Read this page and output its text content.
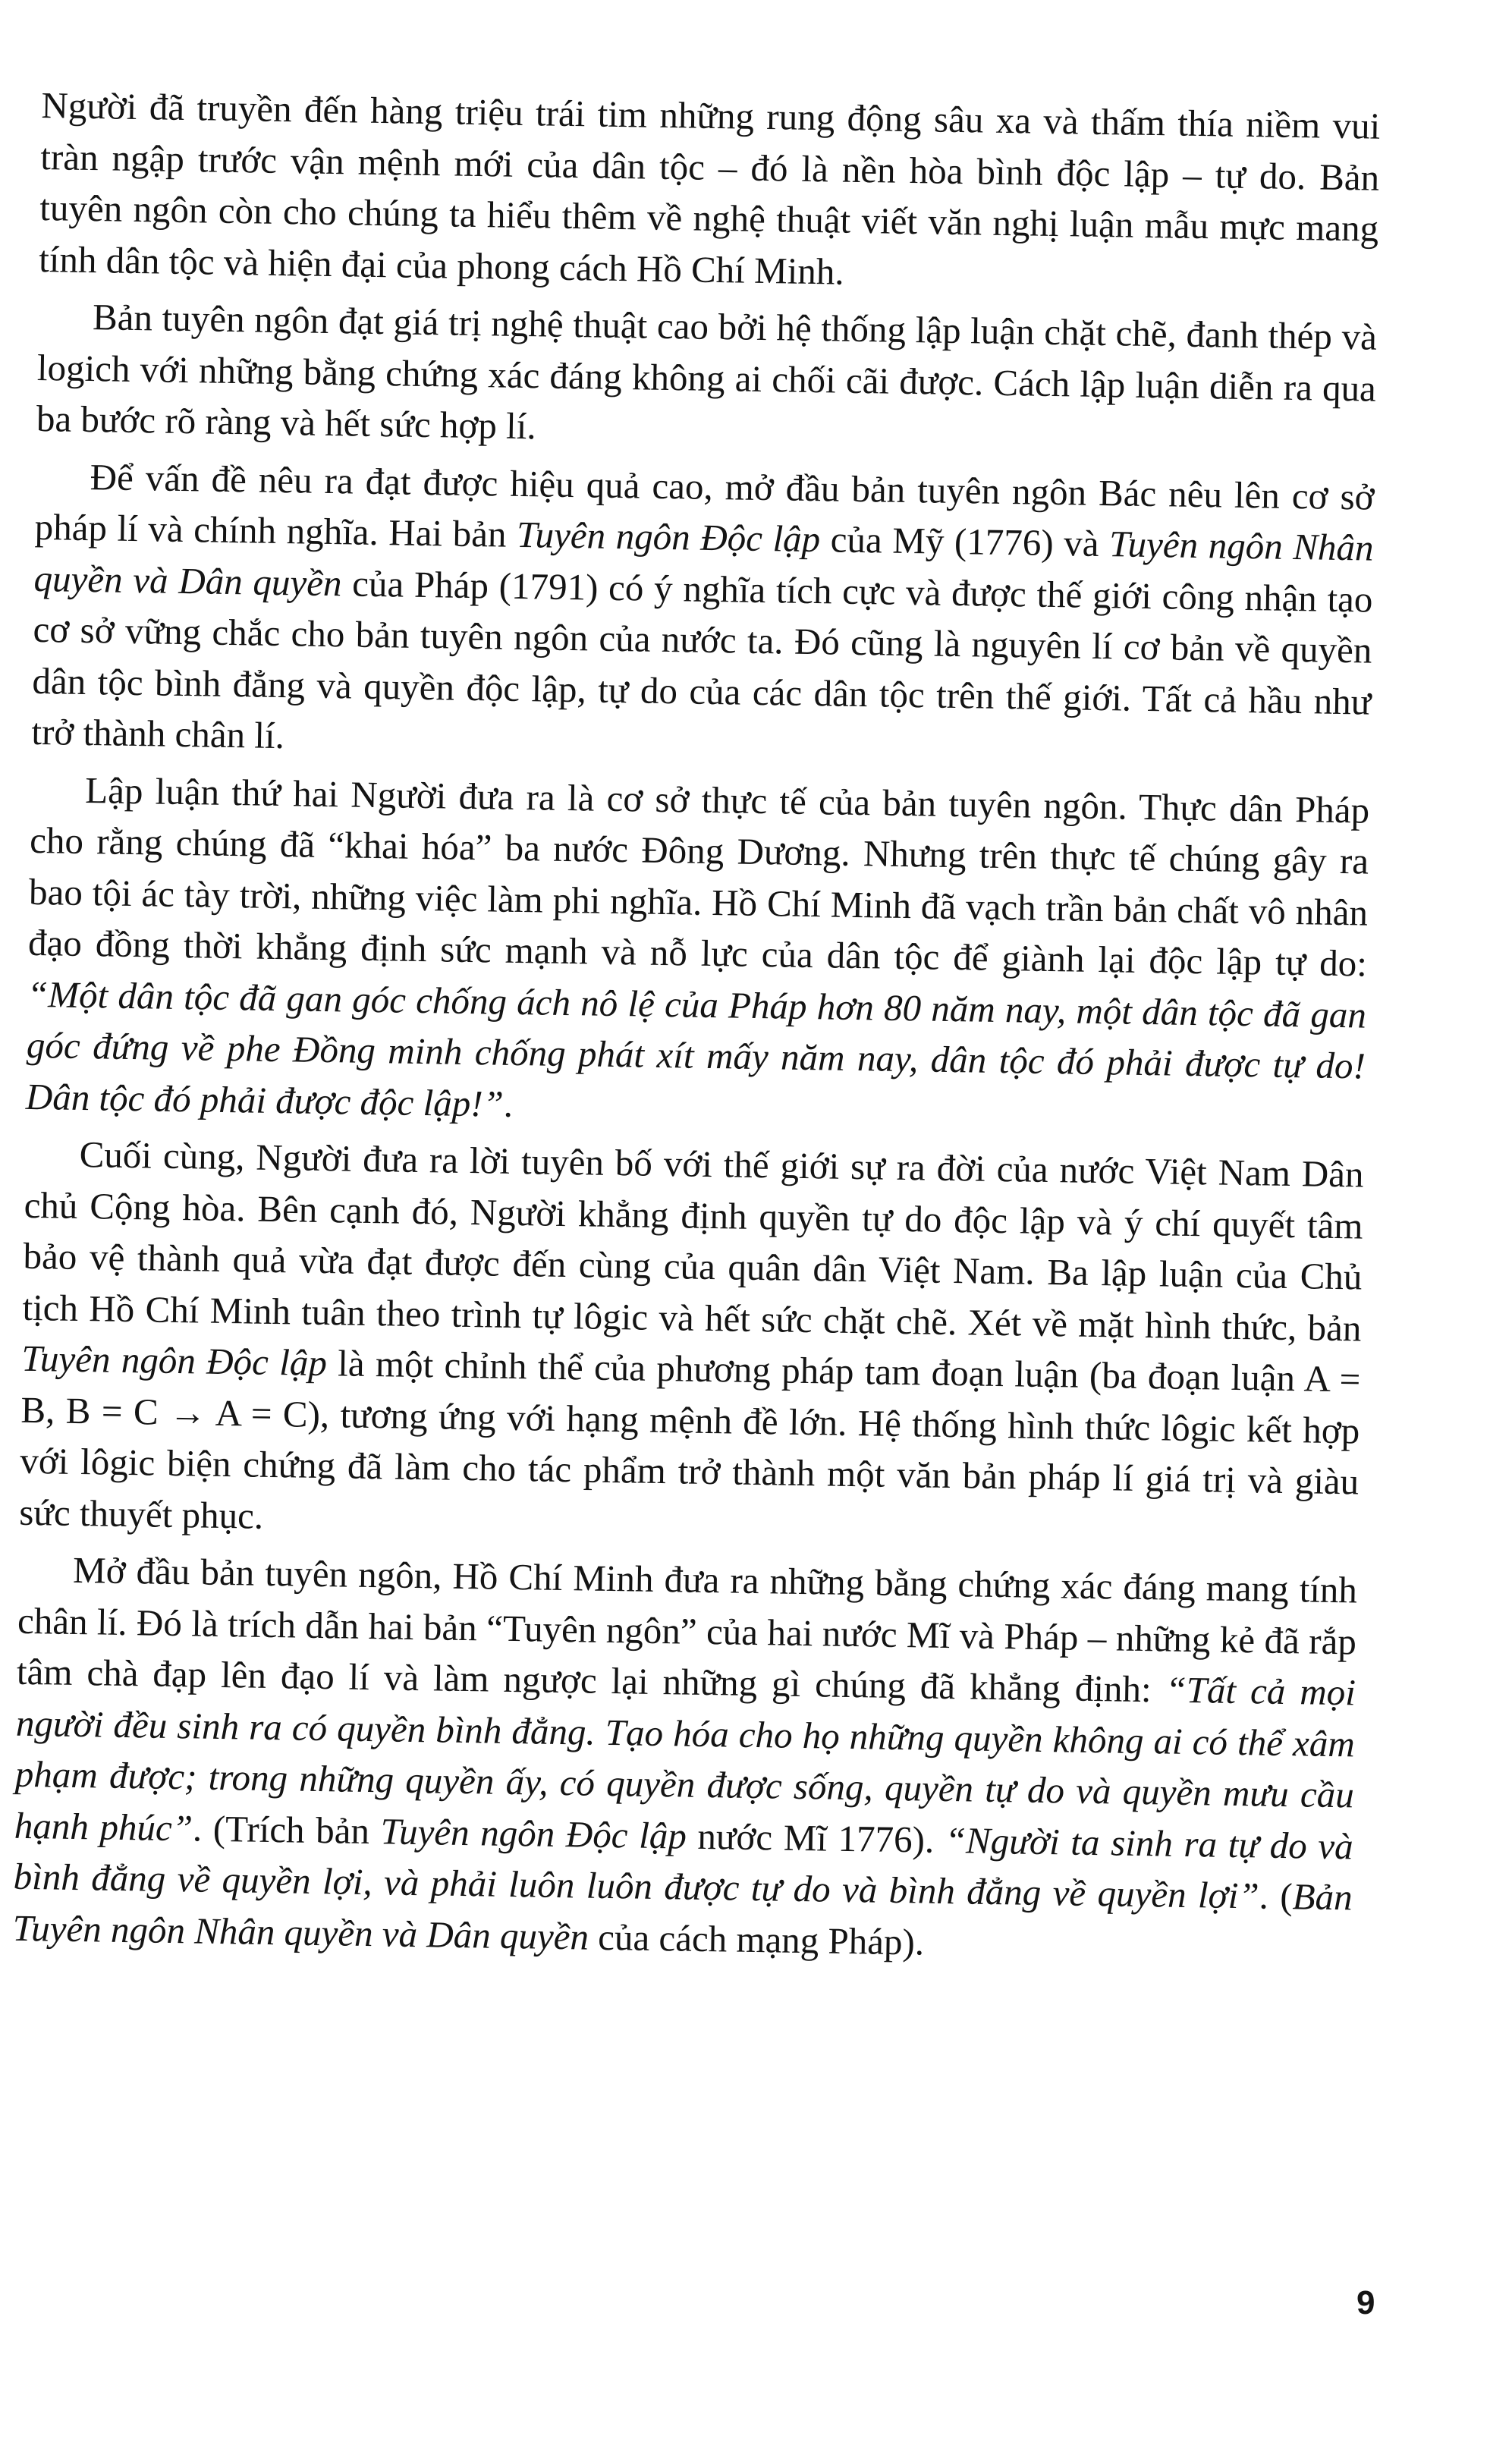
Người đã truyền đến hàng triệu trái tim những rung động sâu xa và thấm thía niềm vui tràn ngập trước vận mệnh mới của dân tộc – đó là nền hòa bình độc lập – tự do. Bản tuyên ngôn còn cho chúng ta hiểu thêm về nghệ thuật viết văn nghị luận mẫu mực mang tính dân tộc và hiện đại của phong cách Hồ Chí Minh.

Bản tuyên ngôn đạt giá trị nghệ thuật cao bởi hệ thống lập luận chặt chẽ, đanh thép và logich với những bằng chứng xác đáng không ai chối cãi được. Cách lập luận diễn ra qua ba bước rõ ràng và hết sức hợp lí.

Để vấn đề nêu ra đạt được hiệu quả cao, mở đầu bản tuyên ngôn Bác nêu lên cơ sở pháp lí và chính nghĩa. Hai bản Tuyên ngôn Độc lập của Mỹ (1776) và Tuyên ngôn Nhân quyền và Dân quyền của Pháp (1791) có ý nghĩa tích cực và được thế giới công nhận tạo cơ sở vững chắc cho bản tuyên ngôn của nước ta. Đó cũng là nguyên lí cơ bản về quyền dân tộc bình đẳng và quyền độc lập, tự do của các dân tộc trên thế giới. Tất cả hầu như trở thành chân lí.

Lập luận thứ hai Người đưa ra là cơ sở thực tế của bản tuyên ngôn. Thực dân Pháp cho rằng chúng đã “khai hóa” ba nước Đông Dương. Nhưng trên thực tế chúng gây ra bao tội ác tày trời, những việc làm phi nghĩa. Hồ Chí Minh đã vạch trần bản chất vô nhân đạo đồng thời khẳng định sức mạnh và nỗ lực của dân tộc để giành lại độc lập tự do: “Một dân tộc đã gan góc chống ách nô lệ của Pháp hơn 80 năm nay, một dân tộc đã gan góc đứng về phe Đồng minh chống phát xít mấy năm nay, dân tộc đó phải được tự do! Dân tộc đó phải được độc lập!”.

Cuối cùng, Người đưa ra lời tuyên bố với thế giới sự ra đời của nước Việt Nam Dân chủ Cộng hòa. Bên cạnh đó, Người khẳng định quyền tự do độc lập và ý chí quyết tâm bảo vệ thành quả vừa đạt được đến cùng của quân dân Việt Nam. Ba lập luận của Chủ tịch Hồ Chí Minh tuân theo trình tự lôgic và hết sức chặt chẽ. Xét về mặt hình thức, bản Tuyên ngôn Độc lập là một chỉnh thể của phương pháp tam đoạn luận (ba đoạn luận A = B, B = C → A = C), tương ứng với hạng mệnh đề lớn. Hệ thống hình thức lôgic kết hợp với lôgic biện chứng đã làm cho tác phẩm trở thành một văn bản pháp lí giá trị và giàu sức thuyết phục.

Mở đầu bản tuyên ngôn, Hồ Chí Minh đưa ra những bằng chứng xác đáng mang tính chân lí. Đó là trích dẫn hai bản “Tuyên ngôn” của hai nước Mĩ và Pháp – những kẻ đã rắp tâm chà đạp lên đạo lí và làm ngược lại những gì chúng đã khẳng định: “Tất cả mọi người đều sinh ra có quyền bình đẳng. Tạo hóa cho họ những quyền không ai có thể xâm phạm được; trong những quyền ấy, có quyền được sống, quyền tự do và quyền mưu cầu hạnh phúc”. (Trích bản Tuyên ngôn Độc lập nước Mĩ 1776). “Người ta sinh ra tự do và bình đẳng về quyền lợi, và phải luôn luôn được tự do và bình đẳng về quyền lợi”. (Bản Tuyên ngôn Nhân quyền và Dân quyền của cách mạng Pháp).

9
